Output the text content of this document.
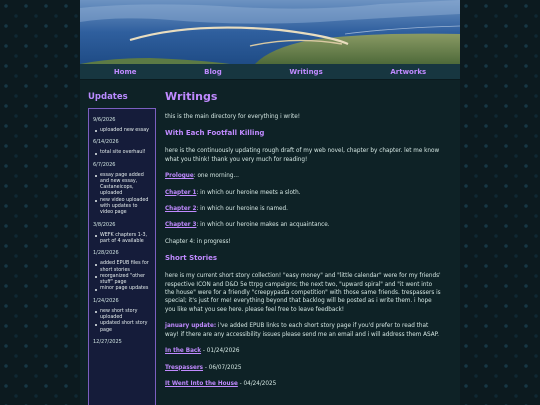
Home	Blog	Writings	Artworks
Updates
9/6/2026
uploaded new essay
6/14/2026
total site overhaul!
6/7/2026
essay page added and new essay, Castaneicops, uploaded
new video uploaded with updates to video page
3/8/2026
WEFK chapters 1-3, part of 4 available
1/28/2026
added EPUB files for short stories
reorganized "other stuff" page
minor page updates
1/24/2026
new short story uploaded
updated short story page
12/27/2025
Writings

this is the main directory for everything i write!

With Each Footfall Killing

here is the continuously updating rough draft of my web novel, chapter by chapter. let me know what you think! thank you very much for reading!

Prologue: one morning...

Chapter 1: in which our heroine meets a sloth.

Chapter 2: in which our heroine is named.

Chapter 3: in which our heroine makes an acquaintance.

Chapter 4: in progress!

Short Stories

here is my current short story collection! "easy money" and "little calendar" were for my friends' respective ICON and D&D 5e ttrpg campaigns; the next two, "upward spiral" and "it went into the house" were for a friendly "creepypasta competition" with those same friends. trespassers is special; it's just for me! everything beyond that backlog will be posted as i write them. i hope you like what you see here. please feel free to leave feedback!

january update: i've added EPUB links to each short story page if you'd prefer to read that way! if there are any accessibility issues please send me an email and i will address them ASAP.

In the Back - 01/24/2026

Trespassers - 06/07/2025

It Went Into the House - 04/24/2025
